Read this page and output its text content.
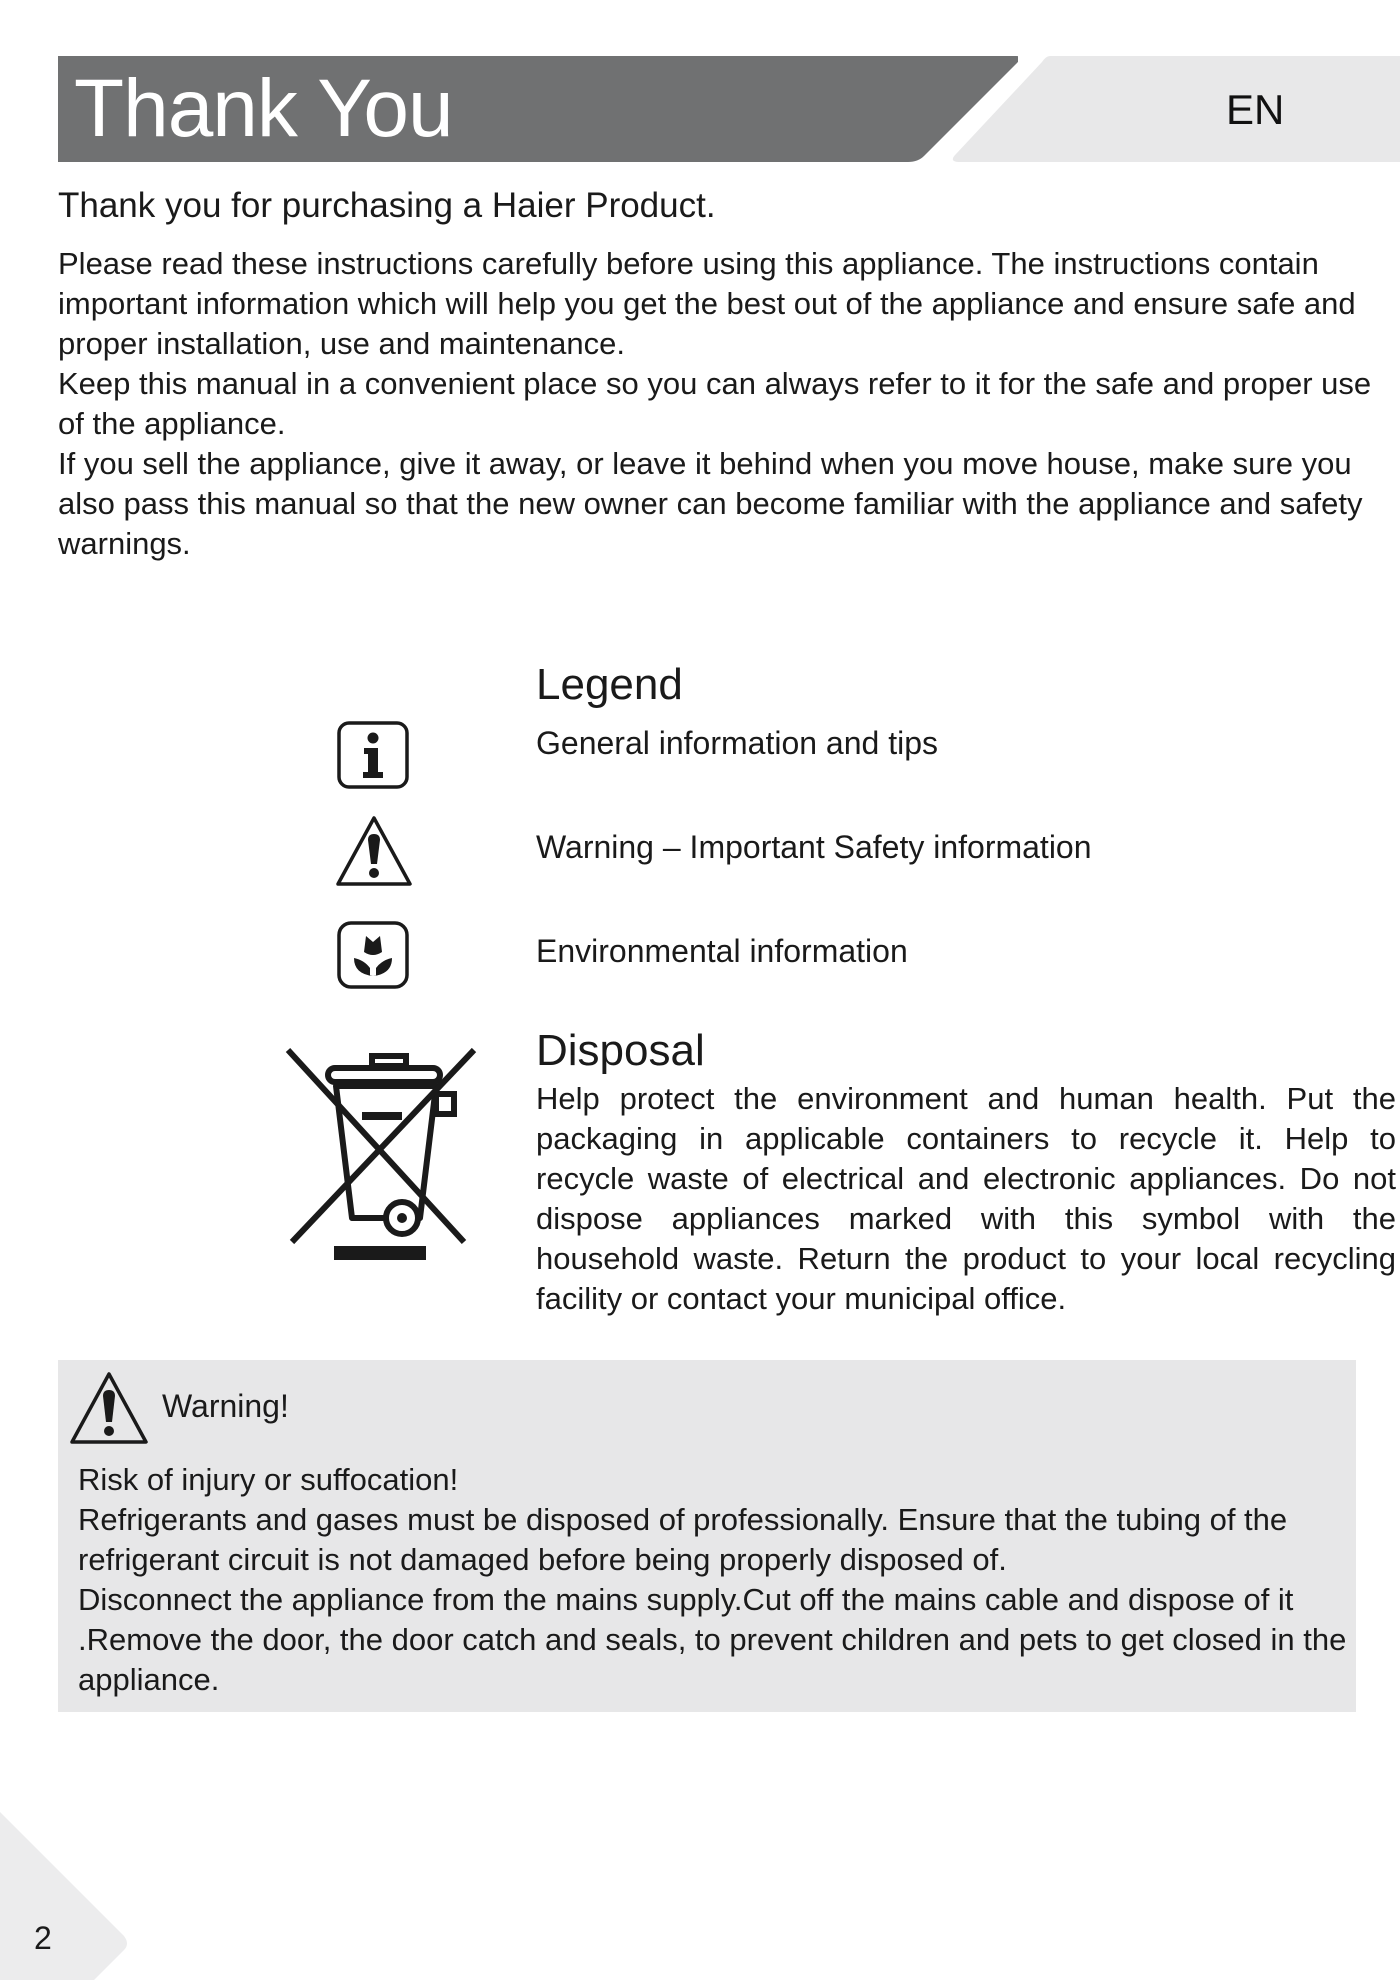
Thank You	EN
Thank you for purchasing a Haier Product.

Please read these instructions carefully before using this appliance. The instructions contain important information which will help you get the best out of the appliance and ensure safe and proper installation, use and maintenance.

Keep this manual in a convenient place so you can always refer to it for the safe and proper use of the appliance.

If you sell the appliance, give it away, or leave it behind when you move house, make sure you also pass this manual so that the new owner can become familiar with the appliance and safety warnings.

Legend
General information and tips
Warning – Important Safety information
Environmental information
Disposal

Help protect the environment and human health. Put the packaging in applicable containers to recycle it. Help to recycle waste of electrical and electronic appliances. Do not dispose appliances marked with this symbol with the household waste. Return the product to your local recycling facility or contact your municipal office.

Warning!

Risk of injury or suffocation!

Refrigerants and gases must be disposed of professionally. Ensure that the tubing of the refrigerant circuit is not damaged before being properly disposed of.

Disconnect the appliance from the mains supply.Cut off the mains cable and dispose of it .Remove the door, the door catch and seals, to prevent children and pets to get closed in the appliance.

2
